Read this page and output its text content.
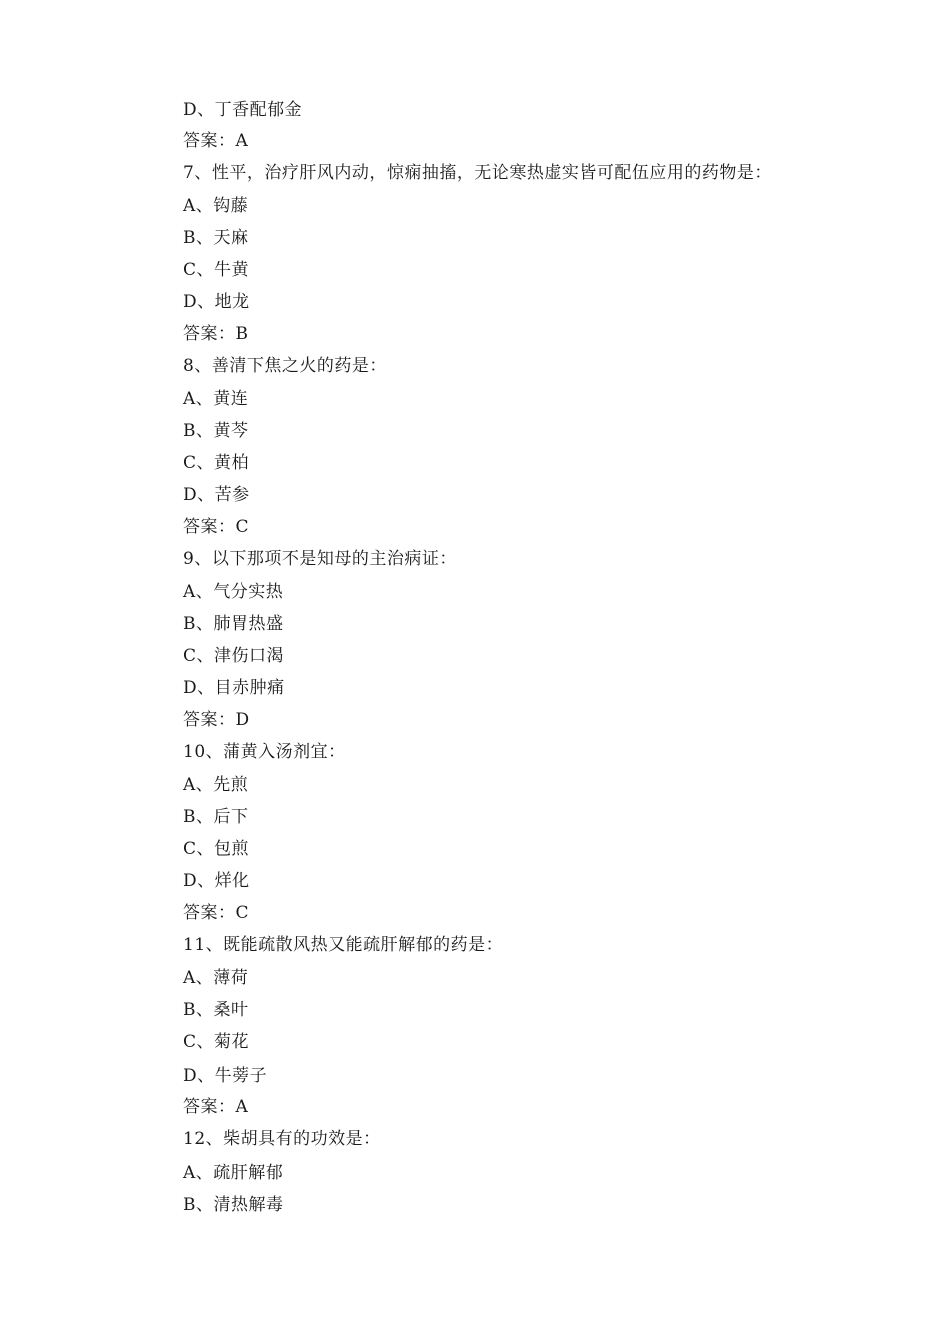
D、丁香配郁金
答案：A
7、性平，治疗肝风内动，惊痫抽搐，无论寒热虚实皆可配伍应用的药物是：
A、钩藤
B、天麻
C、牛黄
D、地龙
答案：B
8、善清下焦之火的药是：
A、黄连
B、黄芩
C、黄柏
D、苦参
答案：C
9、以下那项不是知母的主治病证：
A、气分实热
B、肺胃热盛
C、津伤口渴
D、目赤肿痛
答案：D
10、蒲黄入汤剂宜：
A、先煎
B、后下
C、包煎
D、烊化
答案：C
11、既能疏散风热又能疏肝解郁的药是：
A、薄荷
B、桑叶
C、菊花
D、牛蒡子
答案：A
12、柴胡具有的功效是：
A、疏肝解郁
B、清热解毒
